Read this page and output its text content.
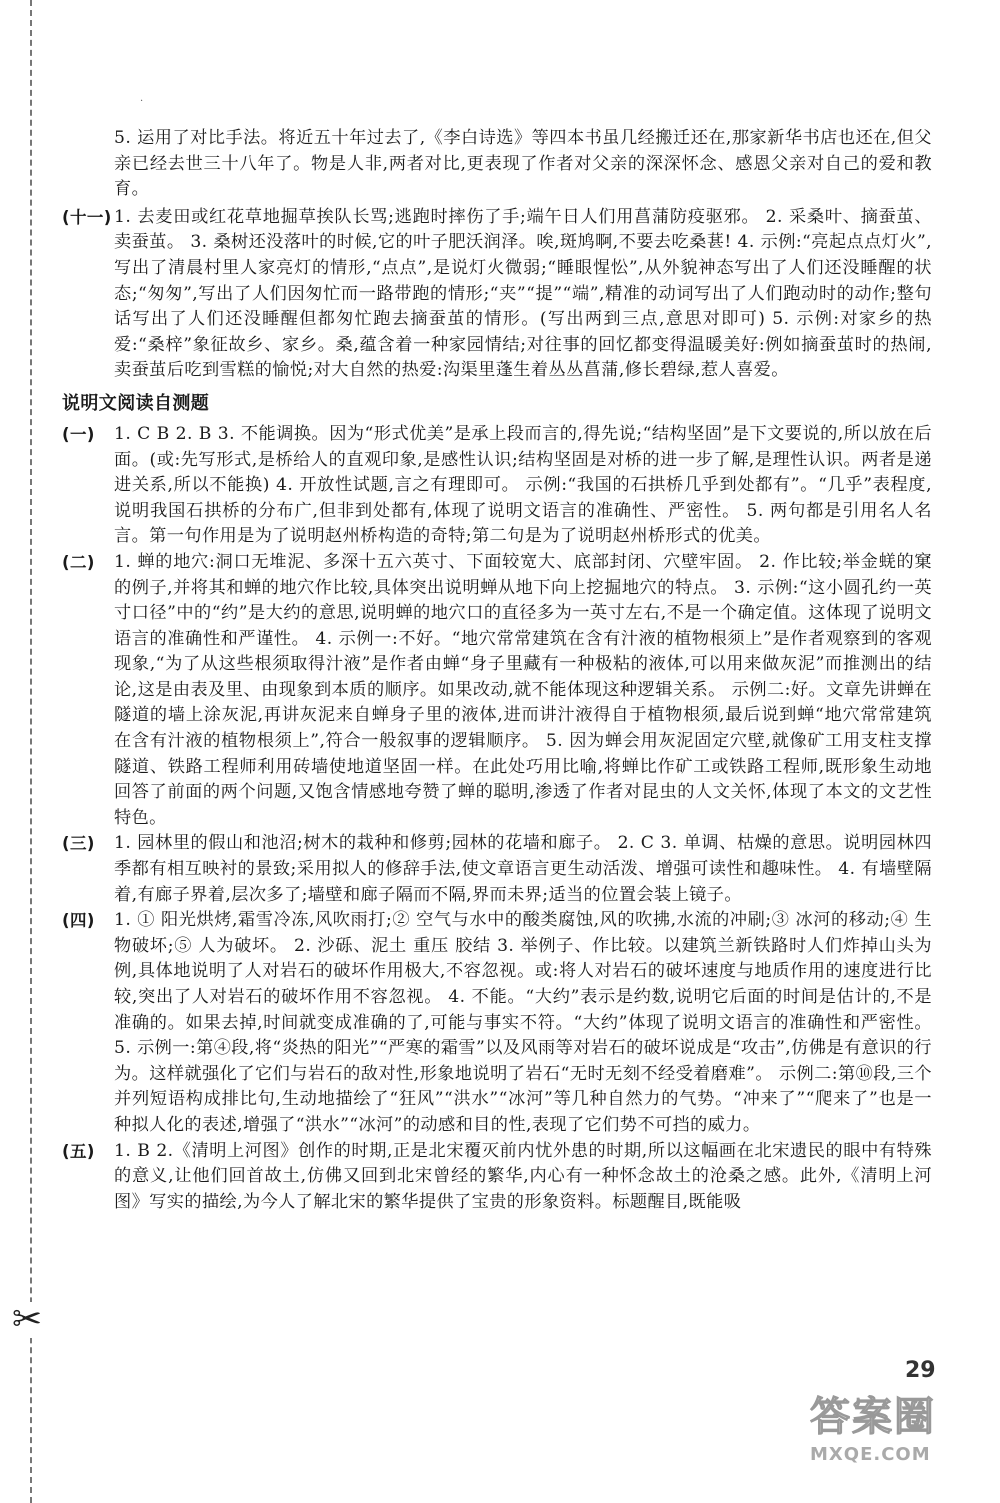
✂
·
5. 运用了对比手法。将近五十年过去了,《李白诗选》等四本书虽几经搬迁还在,那家新华书店也还在,但父亲已经去世三十八年了。物是人非,两者对比,更表现了作者对父亲的深深怀念、感恩父亲对自己的爱和教育。
(十一) 1. 去麦田或红花草地掘草挨队长骂;逃跑时摔伤了手;端午日人们用菖蒲防疫驱邪。 2. 采桑叶、摘蚕茧、卖蚕茧。 3. 桑树还没落叶的时候,它的叶子肥沃润泽。唉,斑鸠啊,不要去吃桑葚! 4. 示例:“亮起点点灯火”,写出了清晨村里人家亮灯的情形,“点点”,是说灯火微弱;“睡眼惺忪”,从外貌神态写出了人们还没睡醒的状态;“匆匆”,写出了人们因匆忙而一路带跑的情形;“夹”“提”“端”,精准的动词写出了人们跑动时的动作;整句话写出了人们还没睡醒但都匆忙跑去摘蚕茧的情形。(写出两到三点,意思对即可) 5. 示例:对家乡的热爱:“桑梓”象征故乡、家乡。桑,蕴含着一种家园情结;对往事的回忆都变得温暖美好:例如摘蚕茧时的热闹,卖蚕茧后吃到雪糕的愉悦;对大自然的热爱:沟渠里蓬生着丛丛菖蒲,修长碧绿,惹人喜爱。
说明文阅读自测题
(一)	1. C B 2. B 3. 不能调换。因为“形式优美”是承上段而言的,得先说;“结构坚固”是下文要说的,所以放在后面。(或:先写形式,是桥给人的直观印象,是感性认识;结构坚固是对桥的进一步了解,是理性认识。两者是递进关系,所以不能换) 4. 开放性试题,言之有理即可。 示例:“我国的石拱桥几乎到处都有”。“几乎”表程度,说明我国石拱桥的分布广,但非到处都有,体现了说明文语言的准确性、严密性。 5. 两句都是引用名人名言。第一句作用是为了说明赵州桥构造的奇特;第二句是为了说明赵州桥形式的优美。
(二)	1. 蝉的地穴:洞口无堆泥、多深十五六英寸、下面较宽大、底部封闭、穴壁牢固。 2. 作比较;举金蜣的窠的例子,并将其和蝉的地穴作比较,具体突出说明蝉从地下向上挖掘地穴的特点。 3. 示例:“这小圆孔约一英寸口径”中的“约”是大约的意思,说明蝉的地穴口的直径多为一英寸左右,不是一个确定值。这体现了说明文语言的准确性和严谨性。 4. 示例一:不好。“地穴常常建筑在含有汁液的植物根须上”是作者观察到的客观现象,“为了从这些根须取得汁液”是作者由蝉“身子里藏有一种极粘的液体,可以用来做灰泥”而推测出的结论,这是由表及里、由现象到本质的顺序。如果改动,就不能体现这种逻辑关系。 示例二:好。文章先讲蝉在隧道的墙上涂灰泥,再讲灰泥来自蝉身子里的液体,进而讲汁液得自于植物根须,最后说到蝉“地穴常常建筑在含有汁液的植物根须上”,符合一般叙事的逻辑顺序。 5. 因为蝉会用灰泥固定穴壁,就像矿工用支柱支撑隧道、铁路工程师利用砖墙使地道坚固一样。在此处巧用比喻,将蝉比作矿工或铁路工程师,既形象生动地回答了前面的两个问题,又饱含情感地夸赞了蝉的聪明,渗透了作者对昆虫的人文关怀,体现了本文的文艺性特色。
(三)	1. 园林里的假山和池沼;树木的栽种和修剪;园林的花墙和廊子。 2. C 3. 单调、枯燥的意思。说明园林四季都有相互映衬的景致;采用拟人的修辞手法,使文章语言更生动活泼、增强可读性和趣味性。 4. 有墙壁隔着,有廊子界着,层次多了;墙壁和廊子隔而不隔,界而未界;适当的位置会装上镜子。
(四)	1. ① 阳光烘烤,霜雪冷冻,风吹雨打;② 空气与水中的酸类腐蚀,风的吹拂,水流的冲刷;③ 冰河的移动;④ 生物破坏;⑤ 人为破坏。 2. 沙砾、泥土 重压 胶结 3. 举例子、作比较。以建筑兰新铁路时人们炸掉山头为例,具体地说明了人对岩石的破坏作用极大,不容忽视。或:将人对岩石的破坏速度与地质作用的速度进行比较,突出了人对岩石的破坏作用不容忽视。 4. 不能。“大约”表示是约数,说明它后面的时间是估计的,不是准确的。如果去掉,时间就变成准确的了,可能与事实不符。“大约”体现了说明文语言的准确性和严密性。 5. 示例一:第④段,将“炎热的阳光”“严寒的霜雪”以及风雨等对岩石的破坏说成是“攻击”,仿佛是有意识的行为。这样就强化了它们与岩石的敌对性,形象地说明了岩石“无时无刻不经受着磨难”。 示例二:第⑩段,三个并列短语构成排比句,生动地描绘了“狂风”“洪水”“冰河”等几种自然力的气势。“冲来了”“爬来了”也是一种拟人化的表述,增强了“洪水”“冰河”的动感和目的性,表现了它们势不可挡的威力。
(五)	1. B 2.《清明上河图》创作的时期,正是北宋覆灭前内忧外患的时期,所以这幅画在北宋遗民的眼中有特殊的意义,让他们回首故土,仿佛又回到北宋曾经的繁华,内心有一种怀念故土的沧桑之感。此外,《清明上河图》写实的描绘,为今人了解北宋的繁华提供了宝贵的形象资料。标题醒目,既能吸
29
答案圈
MXQE.COM
